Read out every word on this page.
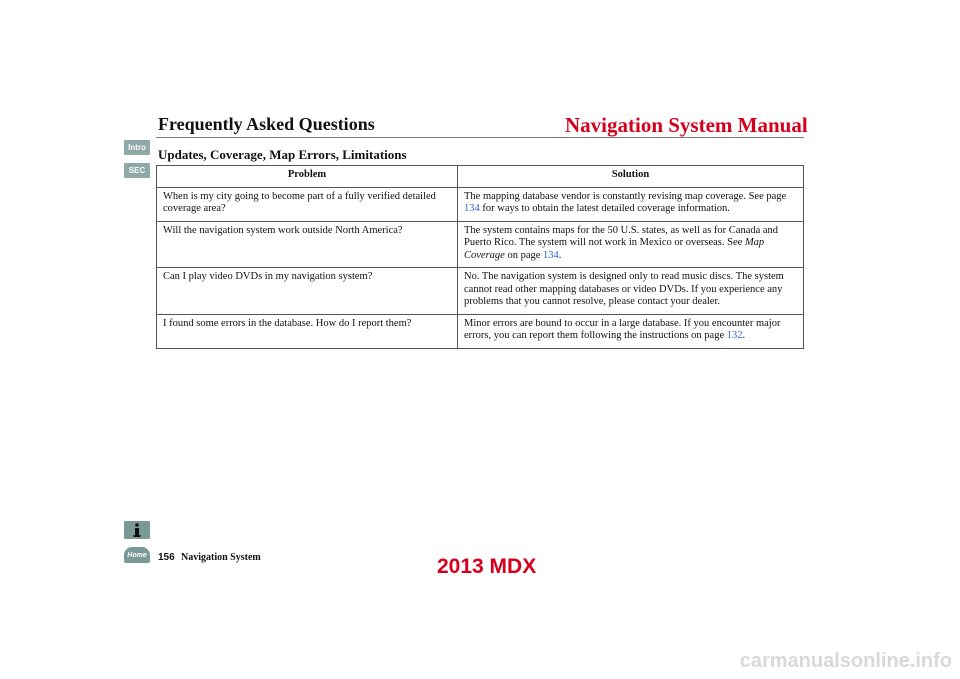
Intro
SEC
Frequently Asked Questions	Navigation System Manual
Updates, Coverage, Map Errors, Limitations
Problem	Solution
When is my city going to become part of a fully verified detailed coverage area?	The mapping database vendor is constantly revising map coverage. See page 134 for ways to obtain the latest detailed coverage information.
Will the navigation system work outside North America?	The system contains maps for the 50 U.S. states, as well as for Canada and Puerto Rico. The system will not work in Mexico or overseas. See Map Coverage on page 134.
Can I play video DVDs in my navigation system?	No. The navigation system is designed only to read music discs. The system cannot read other mapping databases or video DVDs. If you experience any problems that you cannot resolve, please contact your dealer.
I found some errors in the database. How do I report them?	Minor errors are bound to occur in a large database. If you encounter major errors, you can report them following the instructions on page 132.
Home 156 Navigation System	2013 MDX
carmanualsonline.info
